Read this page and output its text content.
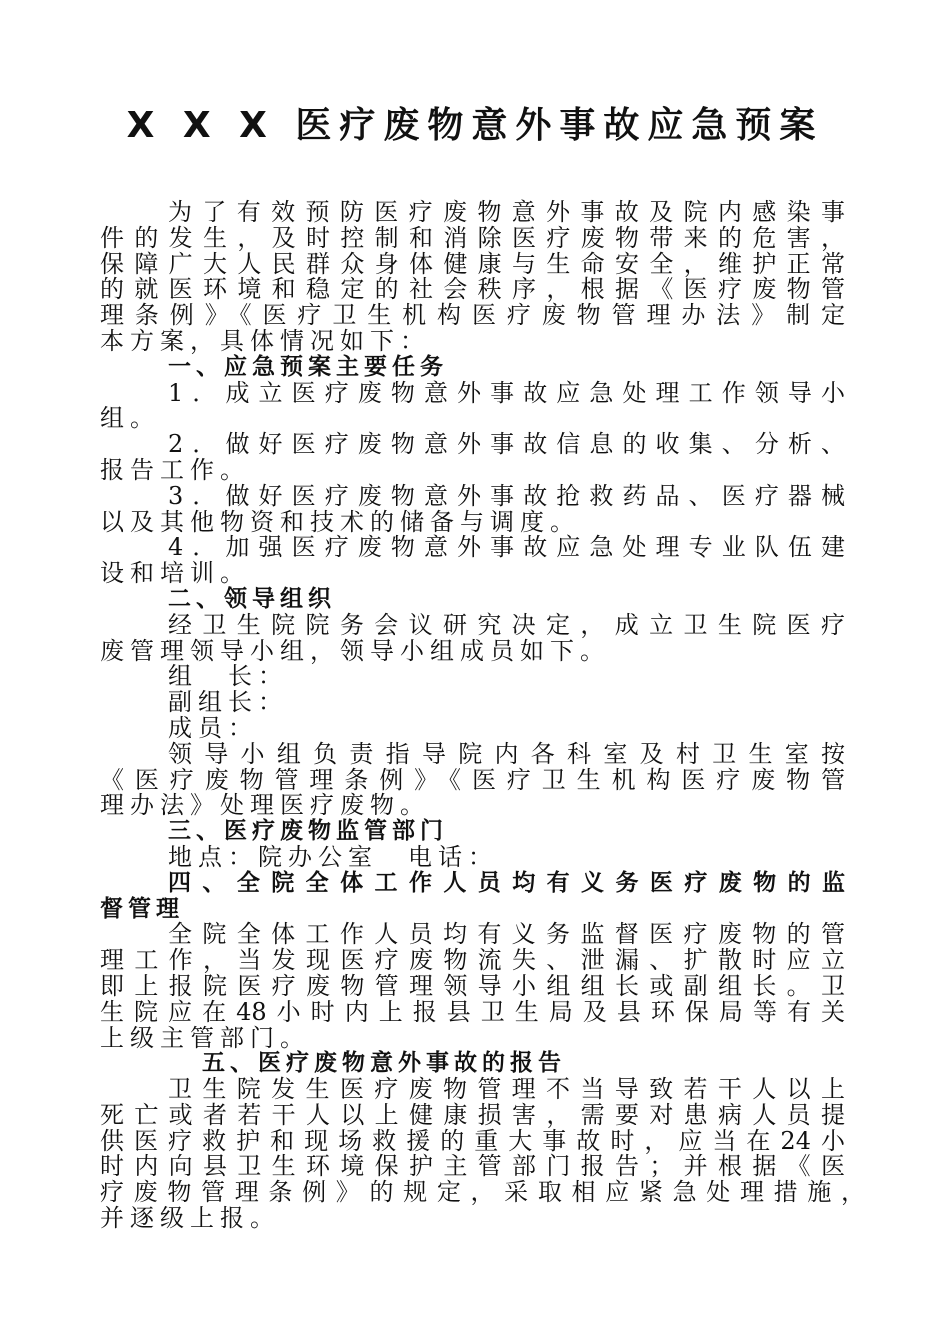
X X X 医疗废物意外事故应急预案
为了有效预防医疗废物意外事故及院内感染事
件的发生，及时控制和消除医疗废物带来的危害，
保障广大人民群众身体健康与生命安全，维护正常
的就医环境和稳定的社会秩序，根据《医疗废物管
理条例》《医疗卫生机构医疗废物管理办法》制定
本方案，具体情况如下：
一、应急预案主要任务
1．成立医疗废物意外事故应急处理工作领导小
组。
2．做好医疗废物意外事故信息的收集、分析、
报告工作。
3．做好医疗废物意外事故抢救药品、医疗器械
以及其他物资和技术的储备与调度。
4．加强医疗废物意外事故应急处理专业队伍建
设和培训。
二、领导组织
经卫生院院务会议研究决定，成立卫生院医疗
废管理领导小组，领导小组成员如下。
组　长：
副组长：
成员：
领导小组负责指导院内各科室及村卫生室按
《医疗废物管理条例》《医疗卫生机构医疗废物管
理办法》处理医疗废物。
三、医疗废物监管部门
地点：院办公室　电话：
四、全院全体工作人员均有义务医疗废物的监
督管理
全院全体工作人员均有义务监督医疗废物的管
理工作，当发现医疗废物流失、泄漏、扩散时应立
即上报院医疗废物管理领导小组组长或副组长。卫
生院应在48小时内上报县卫生局及县环保局等有关
上级主管部门。
五、医疗废物意外事故的报告
卫生院发生医疗废物管理不当导致若干人以上
死亡或者若干人以上健康损害，需要对患病人员提
供医疗救护和现场救援的重大事故时，应当在24小
时内向县卫生环境保护主管部门报告；并根据《医
疗废物管理条例》的规定，采取相应紧急处理措施，
并逐级上报。
